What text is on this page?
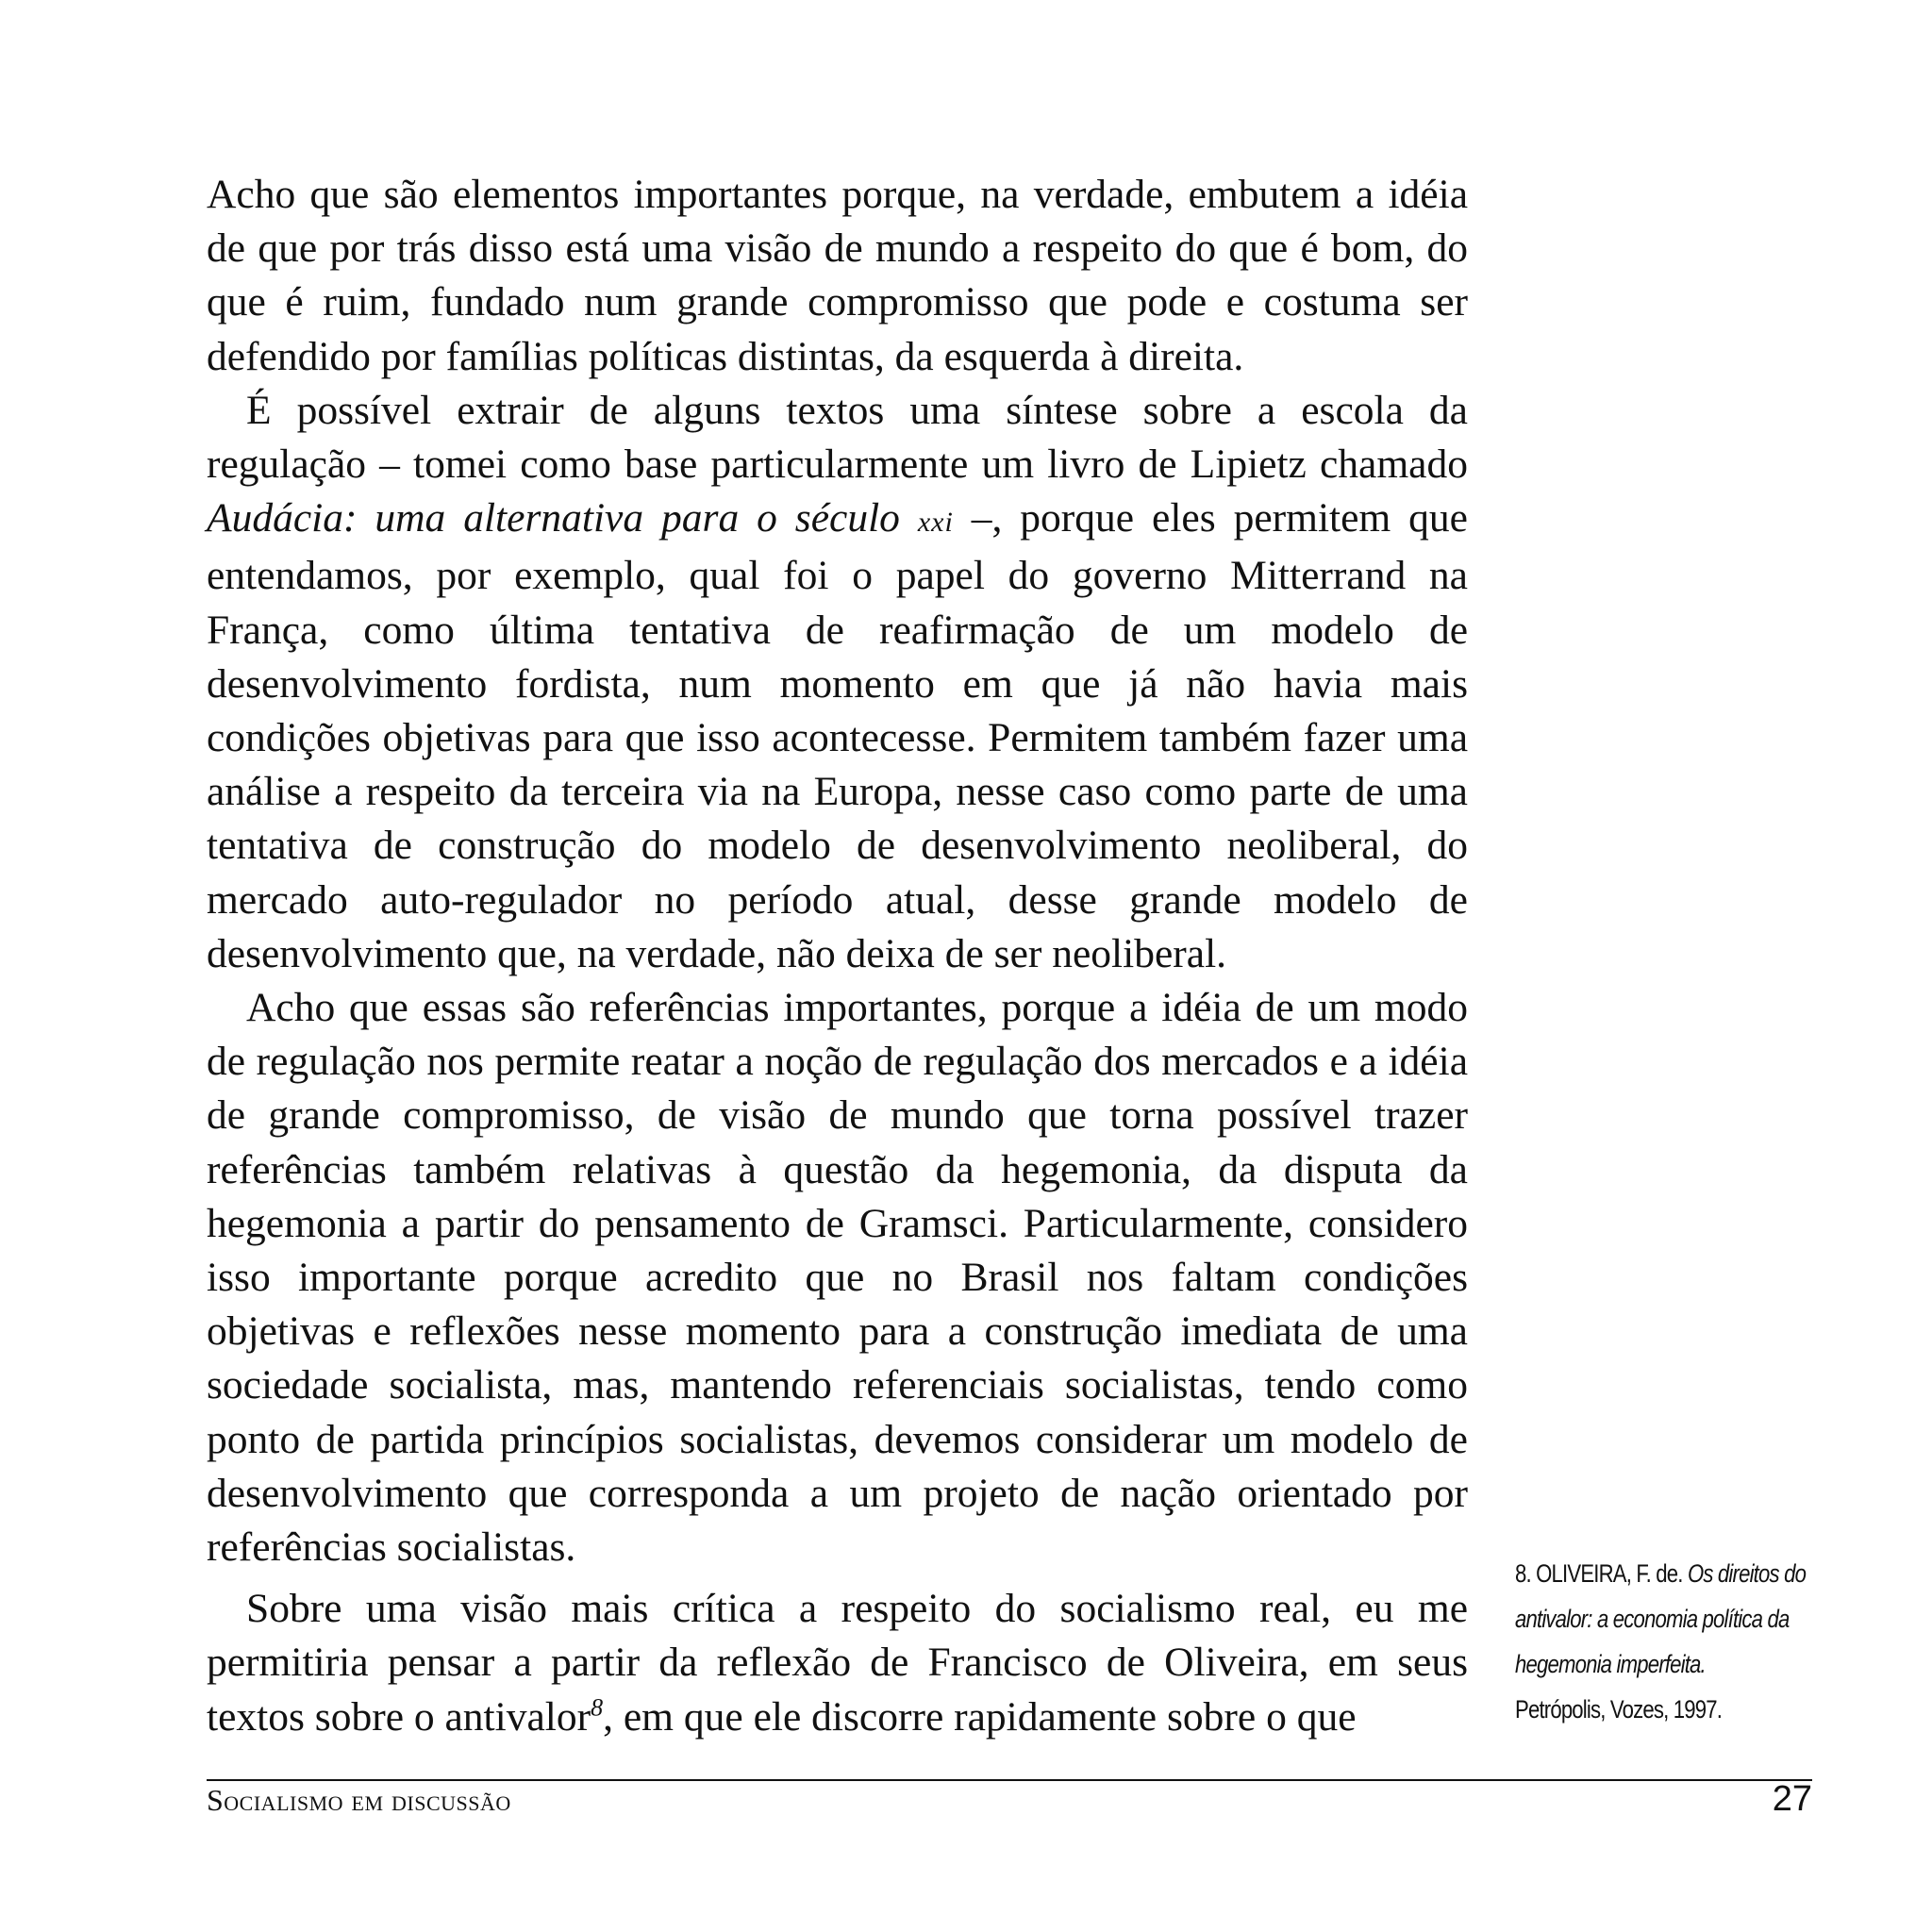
Acho que são elementos importantes porque, na verdade, embutem a idéia de que por trás disso está uma visão de mundo a respeito do que é bom, do que é ruim, fundado num grande compromisso que pode e costuma ser defendido por famílias políticas distintas, da esquerda à direita.

É possível extrair de alguns textos uma síntese sobre a escola da regulação – tomei como base particularmente um livro de Lipietz chamado Audácia: uma alternativa para o século xxi –, porque eles permitem que entendamos, por exemplo, qual foi o papel do governo Mitterrand na França, como última tentativa de reafirmação de um modelo de desenvolvimento fordista, num momento em que já não havia mais condições objetivas para que isso acontecesse. Permitem também fazer uma análise a respeito da terceira via na Europa, nesse caso como parte de uma tentativa de construção do modelo de desenvolvimento neoliberal, do mercado auto-regulador no período atual, desse grande modelo de desenvolvimento que, na verdade, não deixa de ser neoliberal.

Acho que essas são referências importantes, porque a idéia de um modo de regulação nos permite reatar a noção de regulação dos mercados e a idéia de grande compromisso, de visão de mundo que torna possível trazer referências também relativas à questão da hegemonia, da disputa da hegemonia a partir do pensamento de Gramsci. Particularmente, considero isso importante porque acredito que no Brasil nos faltam condições objetivas e reflexões nesse momento para a construção imediata de uma sociedade socialista, mas, mantendo referenciais socialistas, tendo como ponto de partida princípios socialistas, devemos considerar um modelo de desenvolvimento que corresponda a um projeto de nação orientado por referências socialistas.

Sobre uma visão mais crítica a respeito do socialismo real, eu me permitiria pensar a partir da reflexão de Francisco de Oliveira, em seus textos sobre o antivalor$^8$, em que ele discorre rapidamente sobre o que

8. OLIVEIRA, F. de. Os direitos do
antivalor: a economia política da
hegemonia imperfeita.
Petrópolis, Vozes, 1997.
Socialismo em discussão	27
